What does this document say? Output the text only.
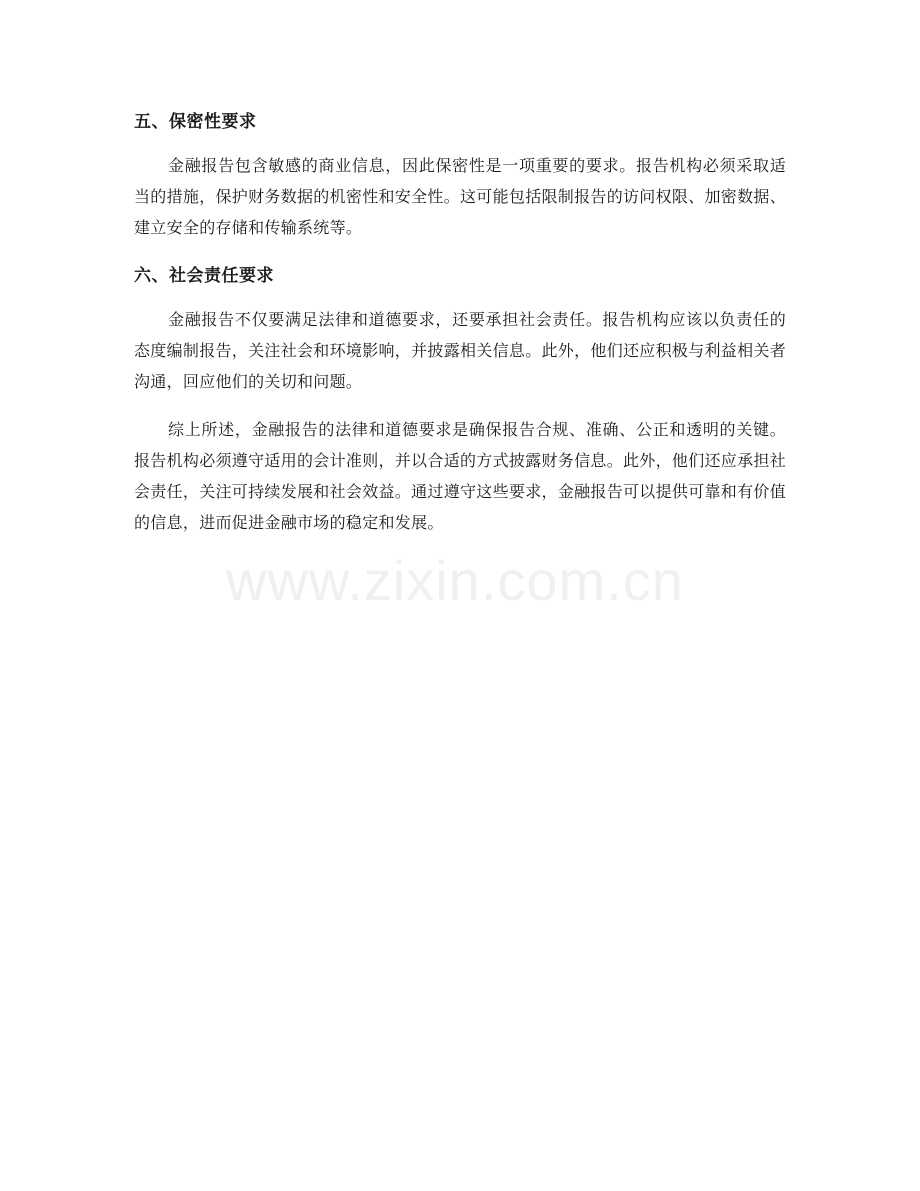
五、保密性要求

金融报告包含敏感的商业信息，因此保密性是一项重要的要求。报告机构必须采取适当的措施，保护财务数据的机密性和安全性。这可能包括限制报告的访问权限、加密数据、建立安全的存储和传输系统等。

六、社会责任要求

金融报告不仅要满足法律和道德要求，还要承担社会责任。报告机构应该以负责任的态度编制报告，关注社会和环境影响，并披露相关信息。此外，他们还应积极与利益相关者沟通，回应他们的关切和问题。

综上所述，金融报告的法律和道德要求是确保报告合规、准确、公正和透明的关键。报告机构必须遵守适用的会计准则，并以合适的方式披露财务信息。此外，他们还应承担社会责任，关注可持续发展和社会效益。通过遵守这些要求，金融报告可以提供可靠和有价值的信息，进而促进金融市场的稳定和发展。

www.zixin.com.cn
